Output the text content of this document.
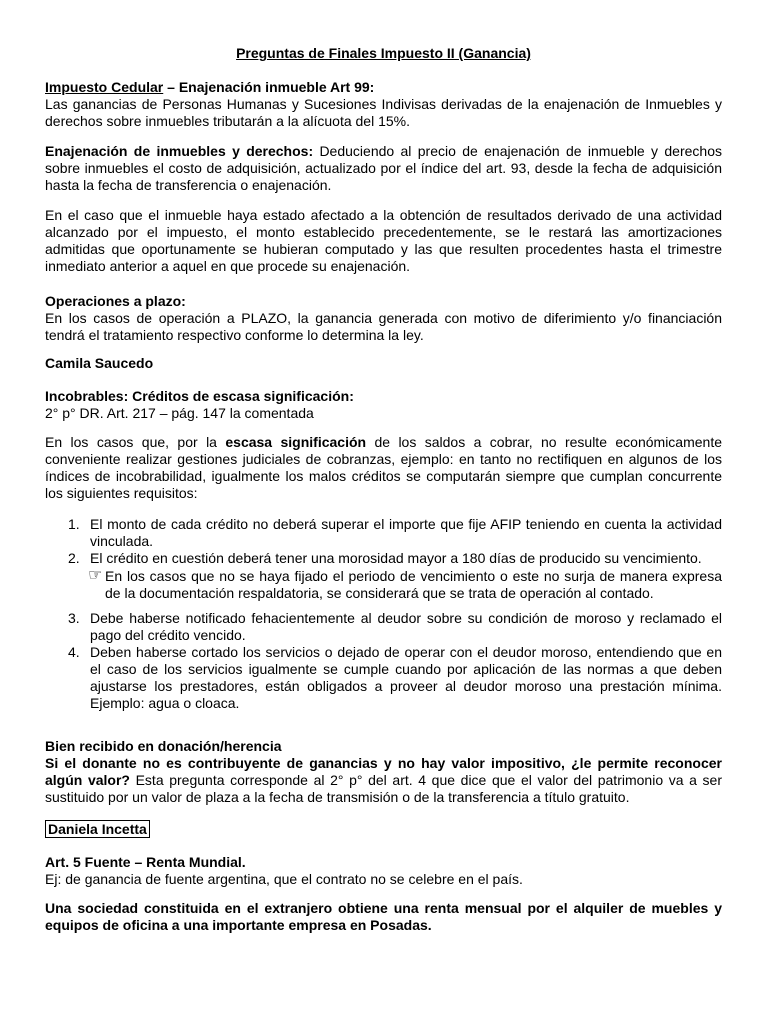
Preguntas de Finales Impuesto II (Ganancia)
Impuesto Cedular – Enajenación inmueble Art 99:
Las ganancias de Personas Humanas y Sucesiones Indivisas derivadas de la enajenación de Inmuebles y derechos sobre inmuebles tributarán a la alícuota del 15%.
Enajenación de inmuebles y derechos: Deduciendo al precio de enajenación de inmueble y derechos sobre inmuebles el costo de adquisición, actualizado por el índice del art. 93, desde la fecha de adquisición hasta la fecha de transferencia o enajenación.
En el caso que el inmueble haya estado afectado a la obtención de resultados derivado de una actividad alcanzado por el impuesto, el monto establecido precedentemente, se le restará las amortizaciones admitidas que oportunamente se hubieran computado y las que resulten procedentes hasta el trimestre inmediato anterior a aquel en que procede su enajenación.
Operaciones a plazo:
En los casos de operación a PLAZO, la ganancia generada con motivo de diferimiento y/o financiación tendrá el tratamiento respectivo conforme lo determina la ley.
Camila Saucedo
Incobrables: Créditos de escasa significación:
2° p° DR. Art. 217 – pág. 147 la comentada
En los casos que, por la escasa significación de los saldos a cobrar, no resulte económicamente conveniente realizar gestiones judiciales de cobranzas, ejemplo: en tanto no rectifiquen en algunos de los índices de incobrabilidad, igualmente los malos créditos se computarán siempre que cumplan concurrente los siguientes requisitos:
1. El monto de cada crédito no deberá superar el importe que fije AFIP teniendo en cuenta la actividad vinculada.
2. El crédito en cuestión deberá tener una morosidad mayor a 180 días de producido su vencimiento.
☞ En los casos que no se haya fijado el periodo de vencimiento o este no surja de manera expresa de la documentación respaldatoria, se considerará que se trata de operación al contado.
3. Debe haberse notificado fehacientemente al deudor sobre su condición de moroso y reclamado el pago del crédito vencido.
4. Deben haberse cortado los servicios o dejado de operar con el deudor moroso, entendiendo que en el caso de los servicios igualmente se cumple cuando por aplicación de las normas a que deben ajustarse los prestadores, están obligados a proveer al deudor moroso una prestación mínima. Ejemplo: agua o cloaca.
Bien recibido en donación/herencia
Si el donante no es contribuyente de ganancias y no hay valor impositivo, ¿le permite reconocer algún valor? Esta pregunta corresponde al 2° p° del art. 4 que dice que el valor del patrimonio va a ser sustituido por un valor de plaza a la fecha de transmisión o de la transferencia a título gratuito.
Daniela Incetta
Art. 5 Fuente – Renta Mundial.
Ej: de ganancia de fuente argentina, que el contrato no se celebre en el país.
Una sociedad constituida en el extranjero obtiene una renta mensual por el alquiler de muebles y equipos de oficina a una importante empresa en Posadas.
